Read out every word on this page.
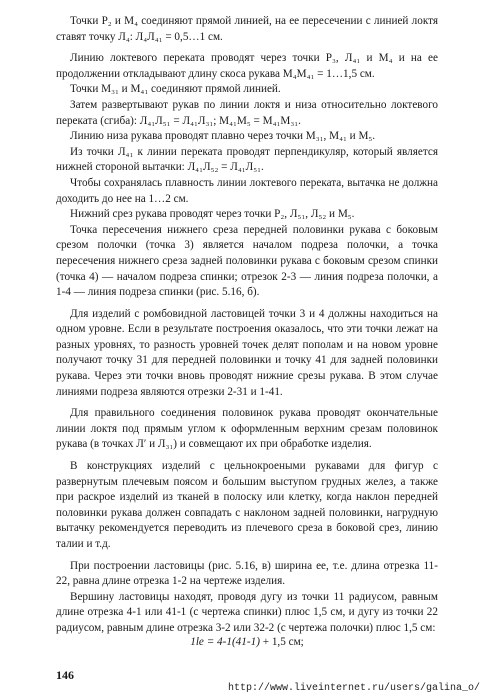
Точки P₂ и M₄ соединяют прямой линией, на ее пересечении с линией локтя ставят точку Л₄: Л₄Л₄₁ = 0,5…1 см.

Линию локтевого переката проводят через точки P₃, Л₄₁ и M₄ и на ее продолжении откладывают длину скоса рукава M₄M₄₁ = 1…1,5 см.

Точки M₃₁ и M₄₁ соединяют прямой линией.

Затем развертывают рукав по линии локтя и низа относительно локтевого переката (сгиба): Л₄₁Л₅₁ = Л₄₁Л₃₁; M₄₁M₅ = M₄₁M₃₁.

Линию низа рукава проводят плавно через точки M₃₁, M₄₁ и M₅.

Из точки Л₄₁ к линии переката проводят перпендикуляр, который является нижней стороной вытачки: Л₄₁Л₅₂ = Л₄₁Л₅₁.

Чтобы сохранялась плавность линии локтевого переката, вытачка не должна доходить до нее на 1…2 см.

Нижний срез рукава проводят через точки P₂, Л₅₁, Л₅₂ и M₅.

Точка пересечения нижнего среза передней половинки рукава с боковым срезом полочки (точка 3) является началом подреза полочки, а точка пересечения нижнего среза задней половинки рукава с боковым срезом спинки (точка 4) — началом подреза спинки; отрезок 2-3 — линия подреза полочки, а 1-4 — линия подреза спинки (рис. 5.16, б).

Для изделий с ромбовидной ластовицей точки 3 и 4 должны находиться на одном уровне. Если в результате построения оказалось, что эти точки лежат на разных уровнях, то разность уровней точек делят пополам и на новом уровне получают точку 31 для передней половинки и точку 41 для задней половинки рукава. Через эти точки вновь проводят нижние срезы рукава. В этом случае линиями подреза являются отрезки 2-31 и 1-41.

Для правильного соединения половинок рукава проводят окончательные линии локтя под прямым углом к оформленным верхним срезам половинок рукава (в точках Л′ и Л₃₁) и совмещают их при обработке изделия.

В конструкциях изделий с цельнокроеными рукавами для фигур с развернутым плечевым поясом и большим выступом грудных желез, а также при раскрое изделий из тканей в полоску или клетку, когда наклон передней половинки рукава должен совпадать с наклоном задней половинки, нагрудную вытачку рекомендуется переводить из плечевого среза в боковой срез, линию талии и т.д.

При построении ластовицы (рис. 5.16, в) ширина ее, т.е. длина отрезка 11-22, равна длине отрезка 1-2 на чертеже изделия.

Вершину ластовицы находят, проводя дугу из точки 11 радиусом, равным длине отрезка 4-1 или 41-1 (с чертежа спинки) плюс 1,5 см, и дугу из точки 22 радиусом, равным длине отрезка 3-2 или 32-2 (с чертежа полочки) плюс 1,5 см:

1le = 4-1(41-1) + 1,5 см;
146
http://www.liveinternet.ru/users/galina_o/
